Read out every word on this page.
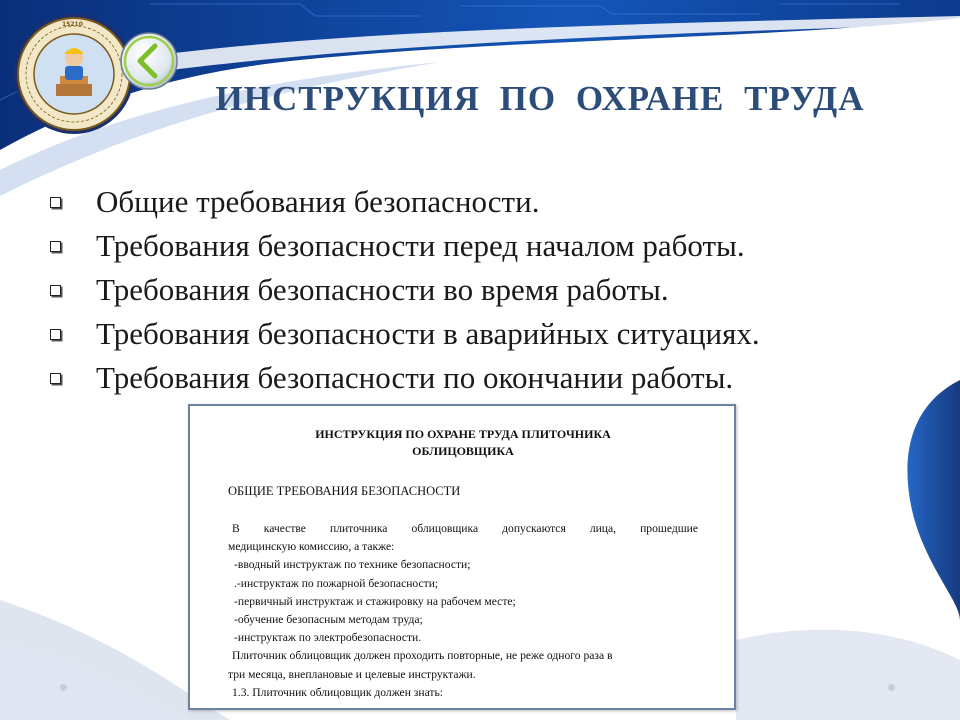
15210
ИНСТРУКЦИЯ ПО ОХРАНЕ ТРУДА
Общие требования безопасности.
Требования безопасности перед началом работы.
Требования безопасности во время работы.
Требования безопасности в аварийных ситуациях.
Требования безопасности по окончании работы.
ИНСТРУКЦИЯ ПО ОХРАНЕ ТРУДА ПЛИТОЧНИКА
ОБЛИЦОВЩИКА
ОБЩИЕ ТРЕБОВАНИЯ БЕЗОПАСНОСТИ
В качестве плиточника облицовщика допускаются лица, прошедшие
медицинскую комиссию, а также:
-вводный инструктаж по технике безопасности;
.-инструктаж по пожарной безопасности;
-первичный инструктаж и стажировку на рабочем месте;
-обучение безопасным методам труда;
-инструктаж по электробезопасности.
Плиточник облицовщик должен проходить повторные, не реже одного раза в
три месяца, внеплановые и целевые инструктажи.
1.3. Плиточник облицовщик должен знать:
